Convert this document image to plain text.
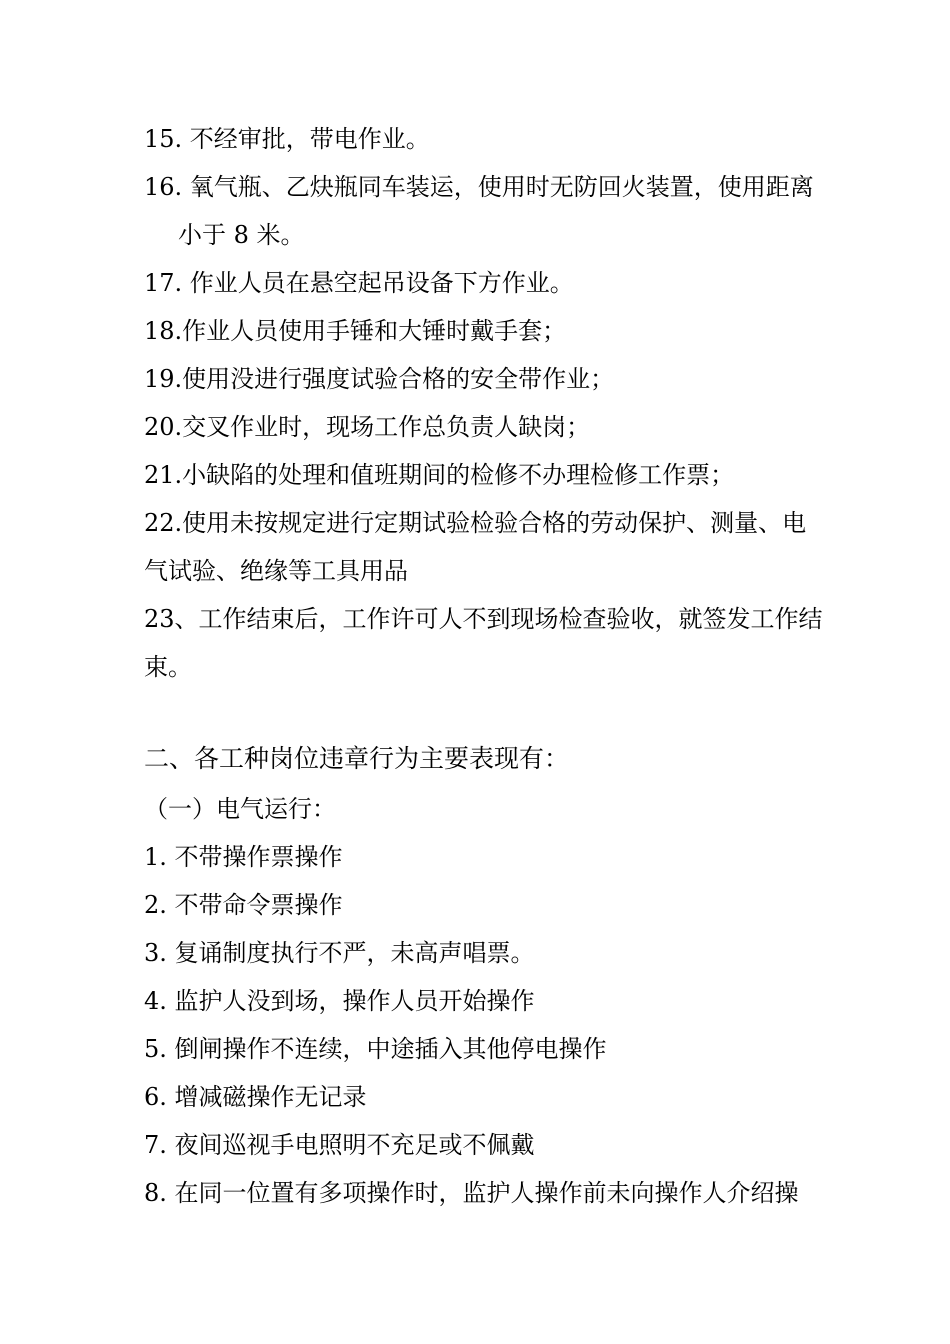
15. 不经审批，带电作业。
16. 氧气瓶、乙炔瓶同车装运，使用时无防回火装置，使用距离
小于 8 米。
17. 作业人员在悬空起吊设备下方作业。
18.作业人员使用手锤和大锤时戴手套；
19.使用没进行强度试验合格的安全带作业；
20.交叉作业时，现场工作总负责人缺岗；
21.小缺陷的处理和值班期间的检修不办理检修工作票；
22.使用未按规定进行定期试验检验合格的劳动保护、测量、电
气试验、绝缘等工具用品
23、工作结束后，工作许可人不到现场检查验收，就签发工作结
束。
二、各工种岗位违章行为主要表现有：
（一）电气运行：
1. 不带操作票操作
2. 不带命令票操作
3. 复诵制度执行不严，未高声唱票。
4. 监护人没到场，操作人员开始操作
5. 倒闸操作不连续，中途插入其他停电操作
6. 增减磁操作无记录
7. 夜间巡视手电照明不充足或不佩戴
8. 在同一位置有多项操作时，监护人操作前未向操作人介绍操
